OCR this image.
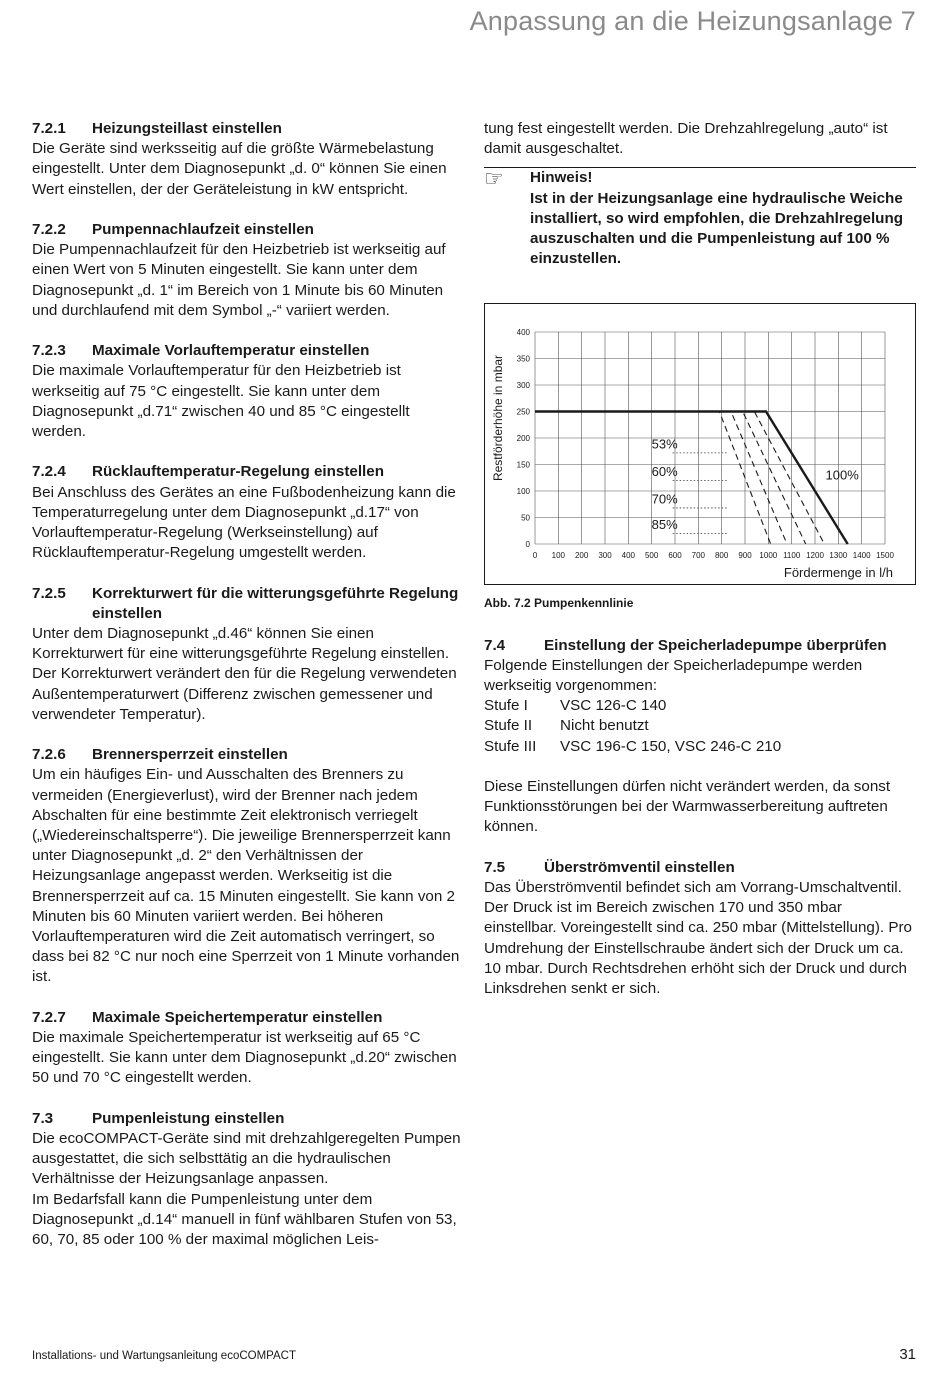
Anpassung an die Heizungsanlage 7
7.2.1	Heizungsteillast einstellen

Die Geräte sind werksseitig auf die größte Wärmebelastung eingestellt. Unter dem Diagnosepunkt „d. 0“ können Sie einen Wert einstellen, der der Geräteleistung in kW entspricht.

7.2.2	Pumpennachlaufzeit einstellen

Die Pumpennachlaufzeit für den Heizbetrieb ist werkseitig auf einen Wert von 5 Minuten eingestellt. Sie kann unter dem Diagnosepunkt „d. 1“ im Bereich von 1 Minute bis 60 Minuten und durchlaufend mit dem Symbol „-“ variiert werden.

7.2.3	Maximale Vorlauftemperatur einstellen

Die maximale Vorlauftemperatur für den Heizbetrieb ist werkseitig auf 75 °C eingestellt. Sie kann unter dem Diagnosepunkt „d.71“ zwischen 40 und 85 °C eingestellt werden.

7.2.4	Rücklauftemperatur-Regelung einstellen

Bei Anschluss des Gerätes an eine Fußbodenheizung kann die Temperaturregelung unter dem Diagnosepunkt „d.17“ von Vorlauftemperatur-Regelung (Werkseinstellung) auf Rücklauftemperatur-Regelung umgestellt werden.

7.2.5	Korrekturwert für die witterungsgeführte Regelung einstellen

Unter dem Diagnosepunkt „d.46“ können Sie einen Korrekturwert für eine witterungsgeführte Regelung einstellen. Der Korrekturwert verändert den für die Regelung verwendeten Außentemperaturwert (Differenz zwischen gemessener und verwendeter Temperatur).

7.2.6	Brennersperrzeit einstellen

Um ein häufiges Ein- und Ausschalten des Brenners zu vermeiden (Energieverlust), wird der Brenner nach jedem Abschalten für eine bestimmte Zeit elektronisch verriegelt („Wiedereinschaltsperre“). Die jeweilige Brennersperrzeit kann unter Diagnosepunkt „d. 2“ den Verhältnissen der Heizungsanlage angepasst werden. Werkseitig ist die Brennersperrzeit auf ca. 15 Minuten eingestellt. Sie kann von 2 Minuten bis 60 Minuten variiert werden. Bei höheren Vorlauftemperaturen wird die Zeit automatisch verringert, so dass bei 82 °C nur noch eine Sperrzeit von 1 Minute vorhanden ist.

7.2.7	Maximale Speichertemperatur einstellen

Die maximale Speichertemperatur ist werkseitig auf 65 °C eingestellt. Sie kann unter dem Diagnosepunkt „d.20“ zwischen 50 und 70 °C eingestellt werden.

7.3	Pumpenleistung einstellen

Die ecoCOMPACT-Geräte sind mit drehzahlgeregelten Pumpen ausgestattet, die sich selbsttätig an die hydraulischen Verhältnisse der Heizungsanlage anpassen.

Im Bedarfsfall kann die Pumpenleistung unter dem Diagnosepunkt „d.14“ manuell in fünf wählbaren Stufen von 53, 60, 70, 85 oder 100 % der maximal möglichen Leis-

tung fest eingestellt werden. Die Drehzahlregelung „auto“ ist damit ausgeschaltet.

☞	Hinweis!
Ist in der Heizungsanlage eine hydraulische Weiche installiert, so wird empfohlen, die Drehzahlregelung auszuschalten und die Pumpenleistung auf 100 % einzustellen.
0 100 200 300 400 500 600 700 800 900 1000 1100 1200 1300 1400 1500
0
50
100
150
200
250
300
350
400
53%
60%
70%
85%
100%
Fördermenge in l/h
Restförderhöhe in mbar
Abb. 7.2 Pumpenkennlinie
7.4	Einstellung der Speicherladepumpe überprüfen

Folgende Einstellungen der Speicherladepumpe werden werkseitig vorgenommen:

Stufe I	VSC 126-C 140
Stufe II	Nicht benutzt
Stufe III	VSC 196-C 150, VSC 246-C 210

Diese Einstellungen dürfen nicht verändert werden, da sonst Funktionsstörungen bei der Warmwasserbereitung auftreten können.

7.5	Überströmventil einstellen

Das Überströmventil befindet sich am Vorrang-Umschaltventil.

Der Druck ist im Bereich zwischen 170 und 350 mbar einstellbar. Voreingestellt sind ca. 250 mbar (Mittelstellung). Pro Umdrehung der Einstellschraube ändert sich der Druck um ca. 10 mbar. Durch Rechtsdrehen erhöht sich der Druck und durch Linksdrehen senkt er sich.

Installations- und Wartungsanleitung ecoCOMPACT	31
